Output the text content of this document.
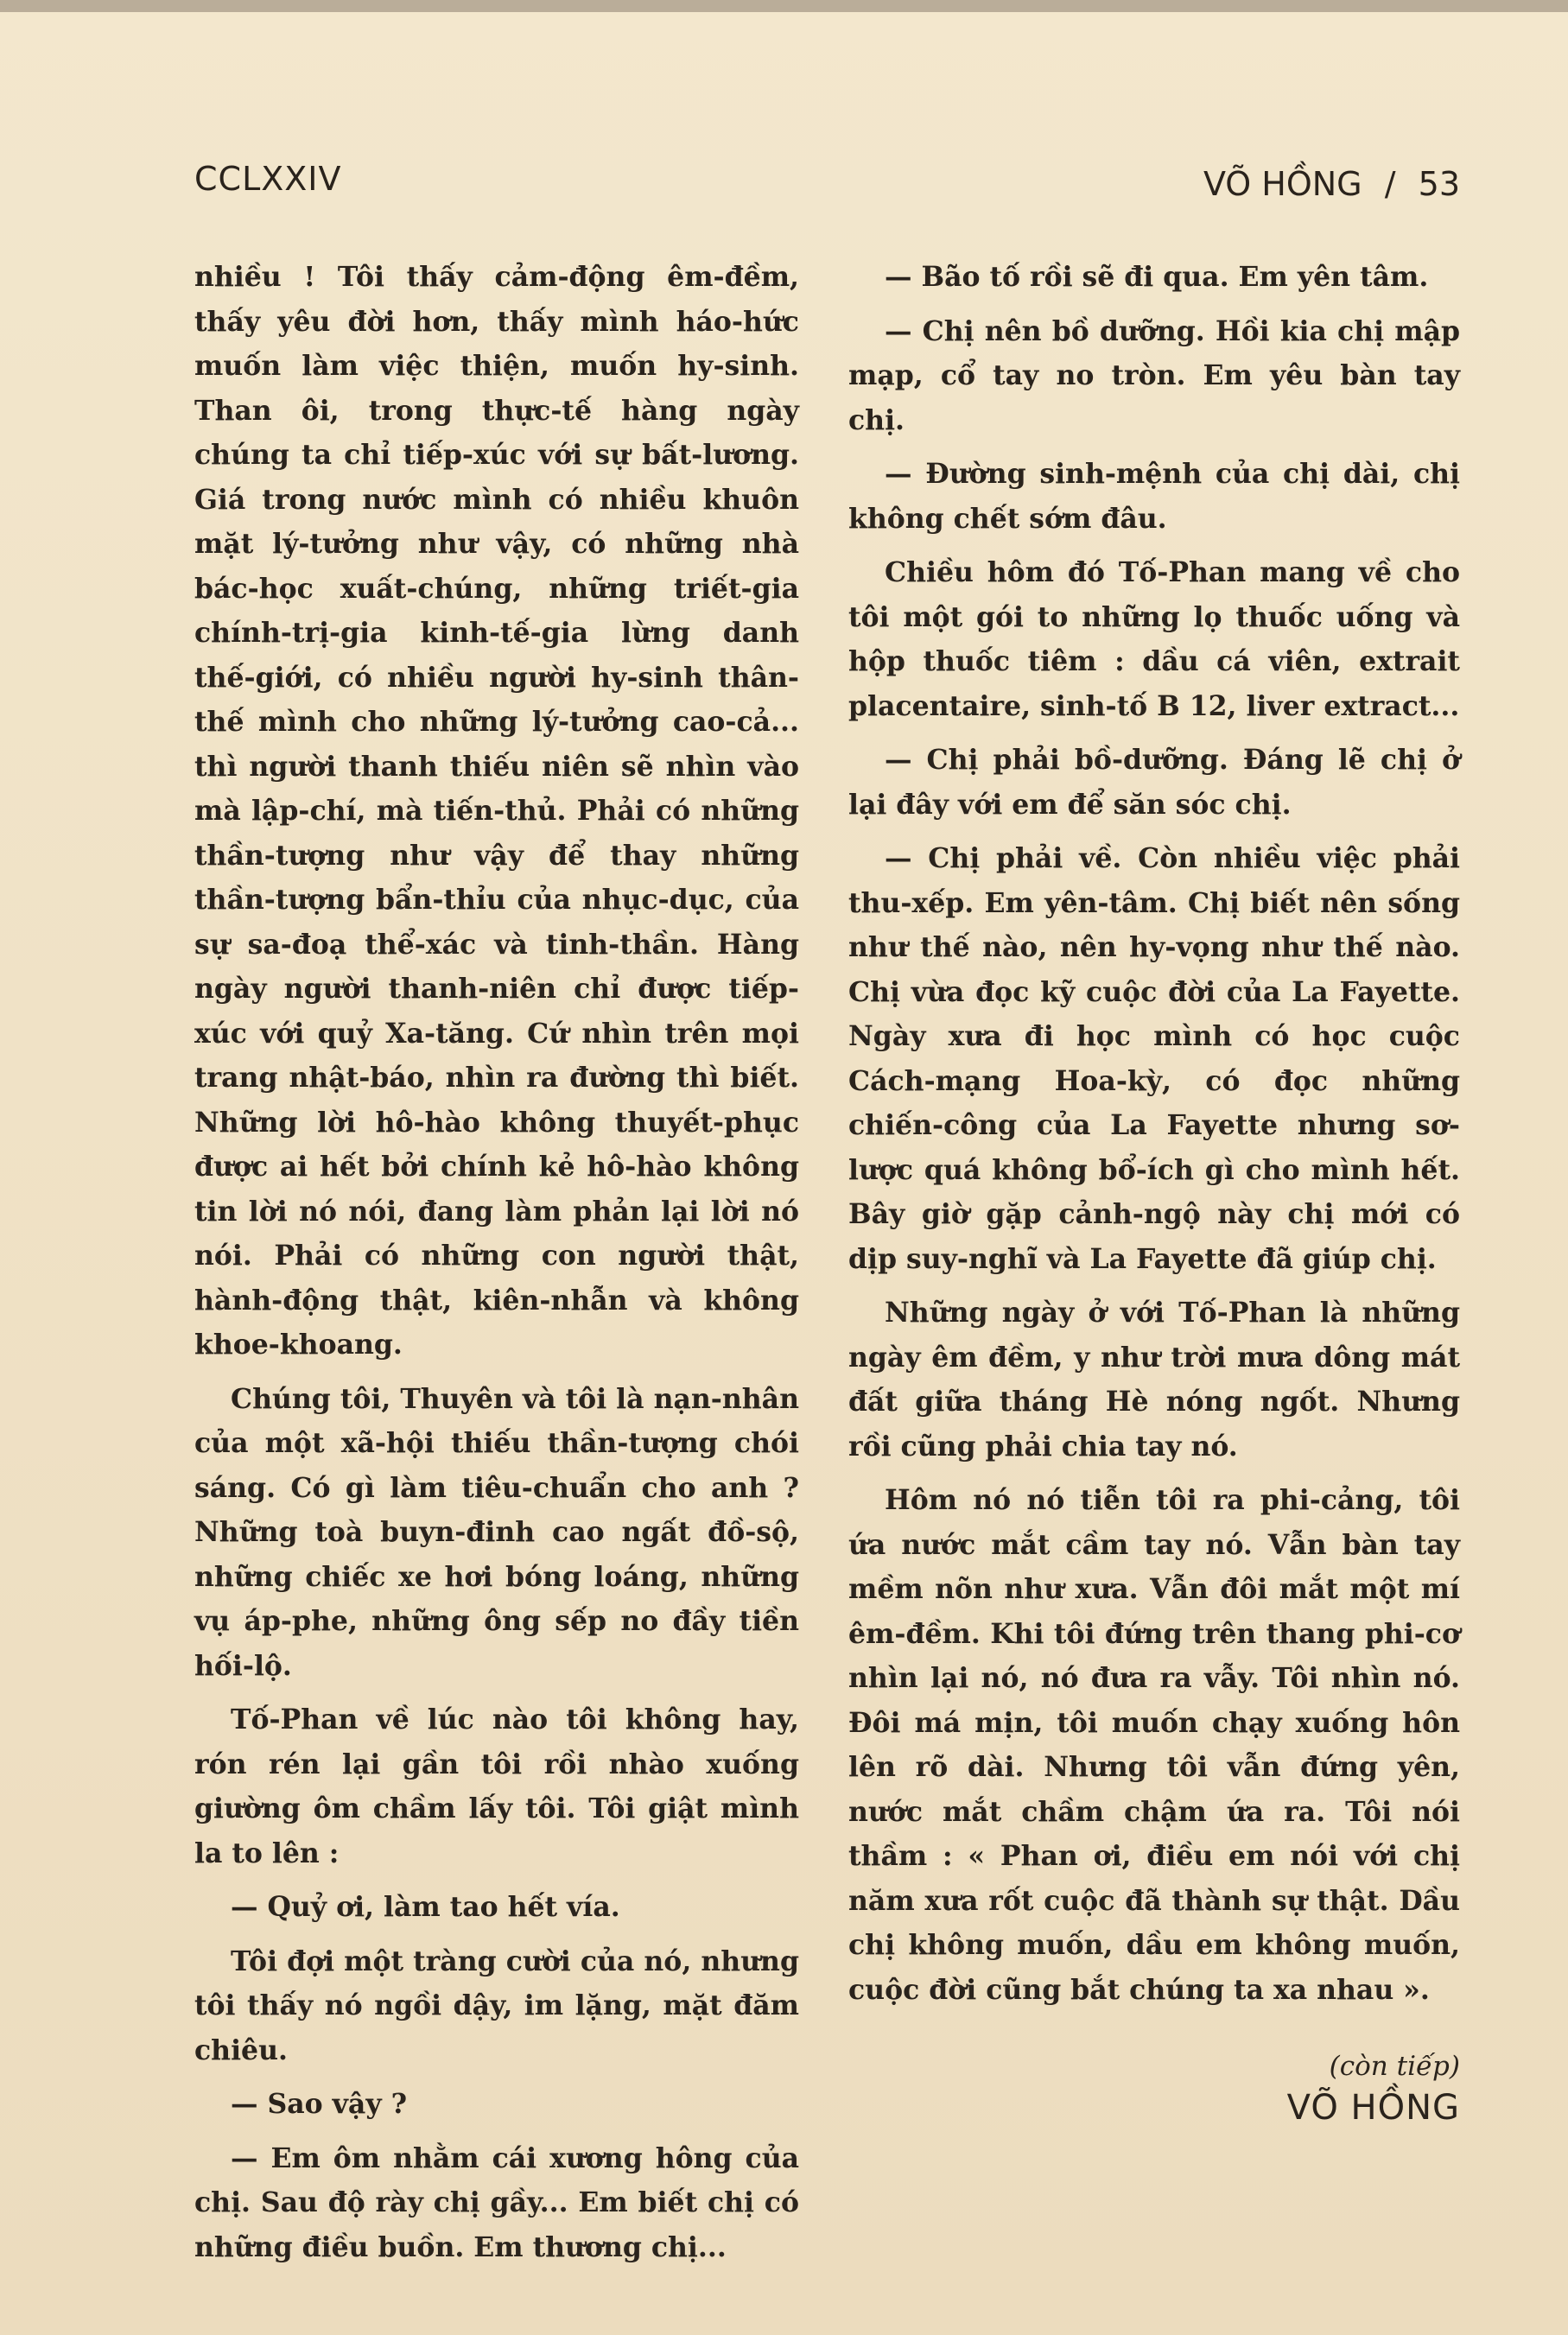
CCLXXIV	VÕ HỒNG / 53

nhiều ! Tôi thấy cảm-động êm-đềm, thấy yêu đời hơn, thấy mình háo-hức muốn làm việc thiện, muốn hy-sinh. Than ôi, trong thực-tế hàng ngày chúng ta chỉ tiếp-xúc với sự bất-lương. Giá trong nước mình có nhiều khuôn mặt lý-tưởng như vậy, có những nhà bác-học xuất-chúng, những triết-gia chính-trị-gia kinh-tế-gia lừng danh thế-giới, có nhiều người hy-sinh thân-thế mình cho những lý-tưởng cao-cả... thì người thanh thiếu niên sẽ nhìn vào mà lập-chí, mà tiến-thủ. Phải có những thần-tượng như vậy để thay những thần-tượng bẩn-thỉu của nhục-dục, của sự sa-đoạ thể-xác và tinh-thần. Hàng ngày người thanh-niên chỉ được tiếp-xúc với quỷ Xa-tăng. Cứ nhìn trên mọi trang nhật-báo, nhìn ra đường thì biết. Những lời hô-hào không thuyết-phục được ai hết bởi chính kẻ hô-hào không tin lời nó nói, đang làm phản lại lời nó nói. Phải có những con người thật, hành-động thật, kiên-nhẫn và không khoe-khoang.

Chúng tôi, Thuyên và tôi là nạn-nhân của một xã-hội thiếu thần-tượng chói sáng. Có gì làm tiêu-chuẩn cho anh ? Những toà buyn-đinh cao ngất đồ-sộ, những chiếc xe hơi bóng loáng, những vụ áp-phe, những ông sếp no đầy tiền hối-lộ.

Tố-Phan về lúc nào tôi không hay, rón rén lại gần tôi rồi nhào xuống giường ôm chầm lấy tôi. Tôi giật mình la to lên :

— Quỷ ơi, làm tao hết vía.

Tôi đợi một tràng cười của nó, nhưng tôi thấy nó ngồi dậy, im lặng, mặt đăm chiêu.

— Sao vậy ?

— Em ôm nhằm cái xương hông của chị. Sau độ rày chị gầy... Em biết chị có những điều buồn. Em thương chị...

— Bão tố rồi sẽ đi qua. Em yên tâm.

— Chị nên bồ dưỡng. Hồi kia chị mập mạp, cổ tay no tròn. Em yêu bàn tay chị.

— Đường sinh-mệnh của chị dài, chị không chết sớm đâu.

Chiều hôm đó Tố-Phan mang về cho tôi một gói to những lọ thuốc uống và hộp thuốc tiêm : dầu cá viên, extrait placentaire, sinh-tố B 12, liver extract...

— Chị phải bồ-dưỡng. Đáng lẽ chị ở lại đây với em để săn sóc chị.

— Chị phải về. Còn nhiều việc phải thu-xếp. Em yên-tâm. Chị biết nên sống như thế nào, nên hy-vọng như thế nào. Chị vừa đọc kỹ cuộc đời của La Fayette. Ngày xưa đi học mình có học cuộc Cách-mạng Hoa-kỳ, có đọc những chiến-công của La Fayette nhưng sơ-lược quá không bổ-ích gì cho mình hết. Bây giờ gặp cảnh-ngộ này chị mới có dịp suy-nghĩ và La Fayette đã giúp chị.

Những ngày ở với Tố-Phan là những ngày êm đềm, y như trời mưa dông mát đất giữa tháng Hè nóng ngốt. Nhưng rồi cũng phải chia tay nó.

Hôm nó nó tiễn tôi ra phi-cảng, tôi ứa nước mắt cầm tay nó. Vẫn bàn tay mềm nõn như xưa. Vẫn đôi mắt một mí êm-đềm. Khi tôi đứng trên thang phi-cơ nhìn lại nó, nó đưa ra vẫy. Tôi nhìn nó. Đôi má mịn, tôi muốn chạy xuống hôn lên rõ dài. Nhưng tôi vẫn đứng yên, nước mắt chầm chậm ứa ra. Tôi nói thầm : « Phan ơi, điều em nói với chị năm xưa rốt cuộc đã thành sự thật. Dầu chị không muốn, dầu em không muốn, cuộc đời cũng bắt chúng ta xa nhau ».

(còn tiếp)
VÕ HỒNG
